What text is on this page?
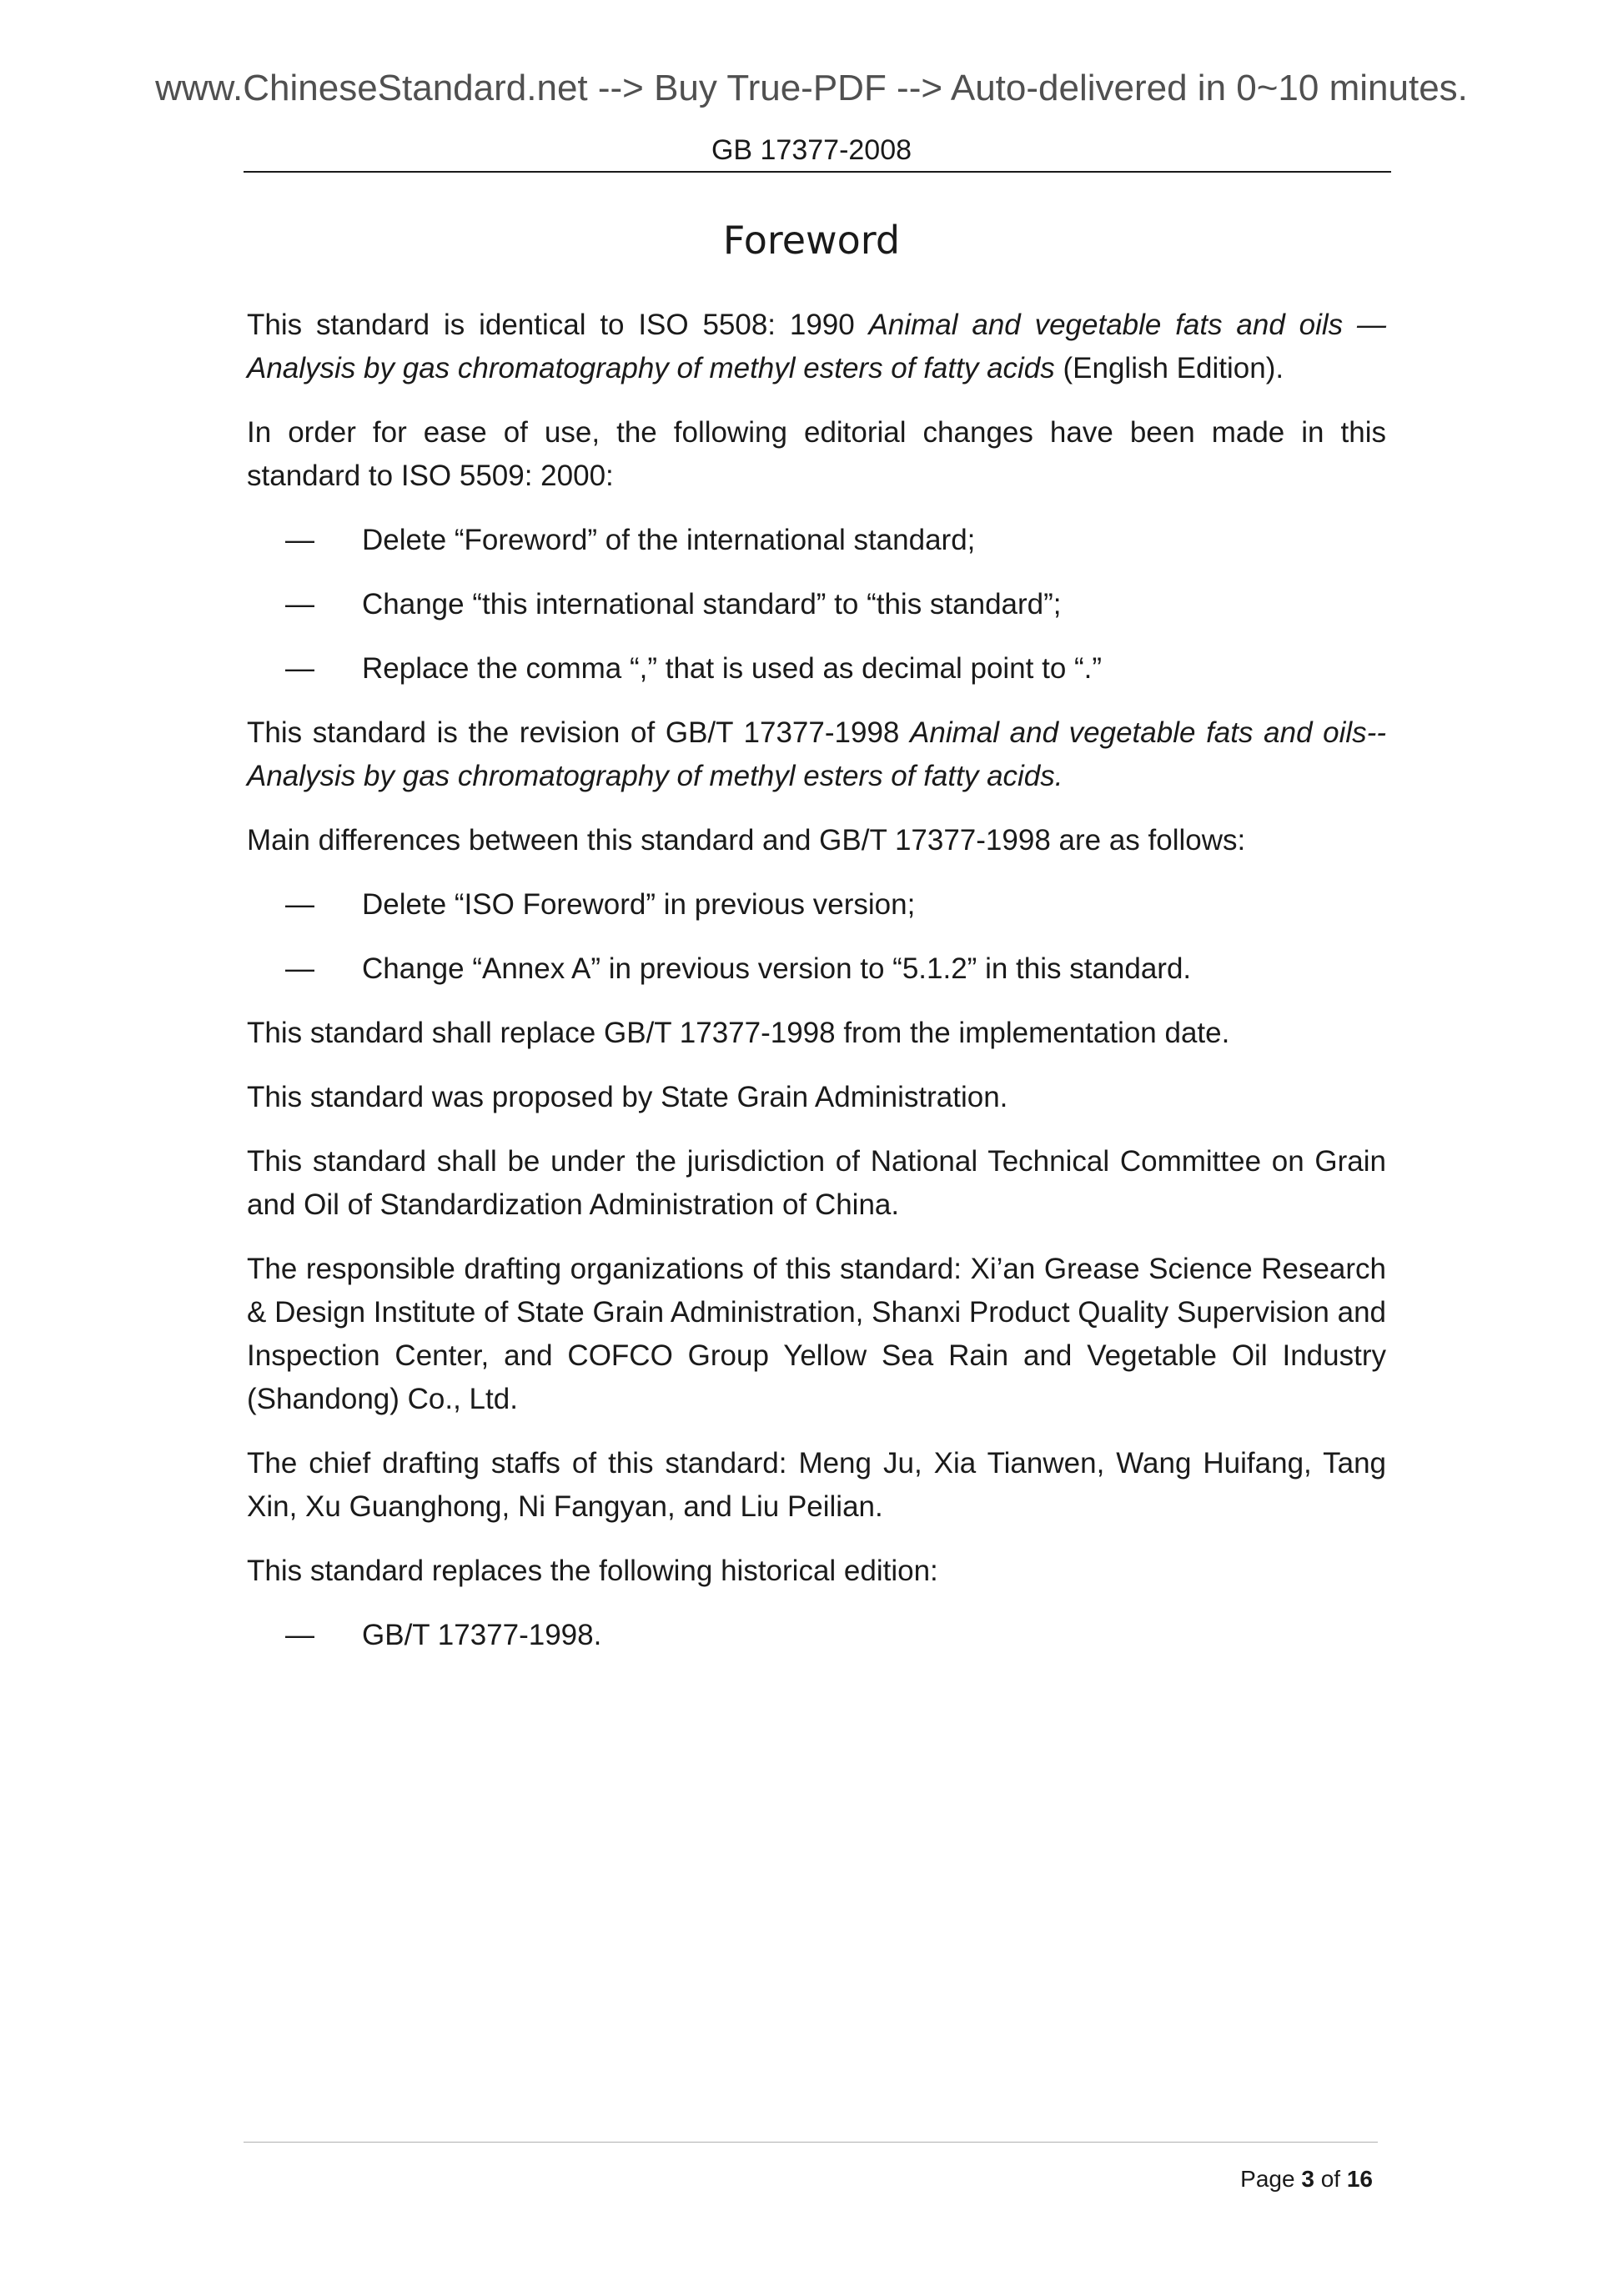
www.ChineseStandard.net --> Buy True-PDF --> Auto-delivered in 0~10 minutes.
GB 17377-2008
Foreword

This standard is identical to ISO 5508: 1990 Animal and vegetable fats and oils — Analysis by gas chromatography of methyl esters of fatty acids (English Edition).

In order for ease of use, the following editorial changes have been made in this standard to ISO 5509: 2000:

— Delete “Foreword” of the international standard;
— Change “this international standard” to “this standard”;
— Replace the comma “,” that is used as decimal point to “.”

This standard is the revision of GB/T 17377-1998 Animal and vegetable fats and oils--Analysis by gas chromatography of methyl esters of fatty acids.

Main differences between this standard and GB/T 17377-1998 are as follows:

— Delete “ISO Foreword” in previous version;
— Change “Annex A” in previous version to “5.1.2” in this standard.

This standard shall replace GB/T 17377-1998 from the implementation date.

This standard was proposed by State Grain Administration.

This standard shall be under the jurisdiction of National Technical Committee on Grain and Oil of Standardization Administration of China.

The responsible drafting organizations of this standard: Xi’an Grease Science Research & Design Institute of State Grain Administration, Shanxi Product Quality Supervision and Inspection Center, and COFCO Group Yellow Sea Rain and Vegetable Oil Industry (Shandong) Co., Ltd.

The chief drafting staffs of this standard: Meng Ju, Xia Tianwen, Wang Huifang, Tang Xin, Xu Guanghong, Ni Fangyan, and Liu Peilian.

This standard replaces the following historical edition:

— GB/T 17377-1998.
Page 3 of 16
